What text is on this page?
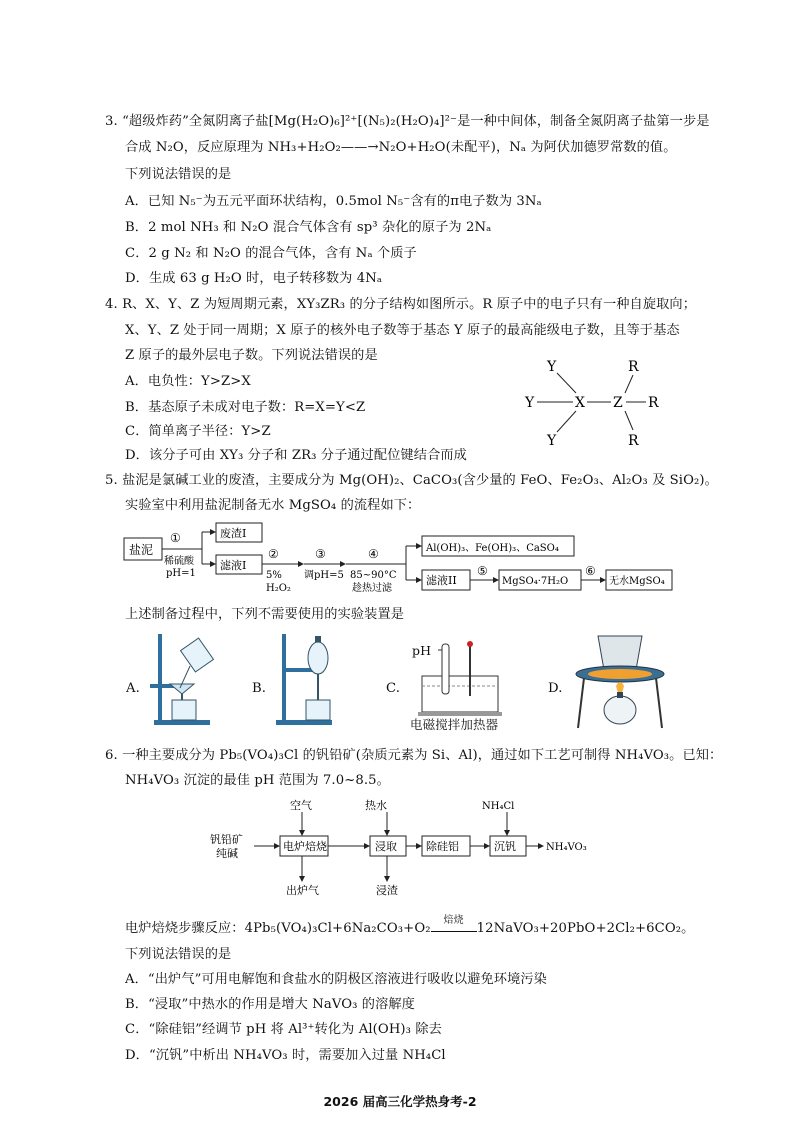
3. “超级炸药”全氮阴离子盐[Mg(H₂O)₆]²⁺[(N₅)₂(H₂O)₄]²⁻是一种中间体，制备全氮阴离子盐第一步是
合成 N₂O，反应原理为 NH₃+H₂O₂——→N₂O+H₂O(未配平)，Nₐ 为阿伏加德罗常数的值。
下列说法错误的是
A．已知 N₅⁻为五元平面环状结构，0.5mol N₅⁻含有的π电子数为 3Nₐ
B．2 mol NH₃ 和 N₂O 混合气体含有 sp³ 杂化的原子为 2Nₐ
C．2 g N₂ 和 N₂O 的混合气体，含有 Nₐ 个质子
D．生成 63 g H₂O 时，电子转移数为 4Nₐ
4. R、X、Y、Z 为短周期元素，XY₃ZR₃ 的分子结构如图所示。R 原子中的电子只有一种自旋取向；
X、Y、Z 处于同一周期；X 原子的核外电子数等于基态 Y 原子的最高能级电子数，且等于基态
Z 原子的最外层电子数。下列说法错误的是
A．电负性：Y>Z>X
B．基态原子未成对电子数：R=X=Y<Z
C．简单离子半径：Y>Z
D．该分子可由 XY₃ 分子和 ZR₃ 分子通过配位键结合而成
X Z
Y
Y
Y
R
R
R
5. 盐泥是氯碱工业的废渣，主要成分为 Mg(OH)₂、CaCO₃(含少量的 FeO、Fe₂O₃、Al₂O₃ 及 SiO₂)。
实验室中利用盐泥制备无水 MgSO₄ 的流程如下：
盐泥
①
稀硫酸
pH=1
废渣I
滤液I
②
5%
H₂O₂
③
调pH=5
④
85~90°C
趁热过滤
Al(OH)₃、Fe(OH)₃、CaSO₄
滤液II
⑤
MgSO₄·7H₂O
⑥
无水MgSO₄
上述制备过程中，下列不需要使用的实验装置是
A.	B.	C.
pH
电磁搅拌加热器
D.
6. 一种主要成分为 Pb₅(VO₄)₃Cl 的钒铅矿(杂质元素为 Si、Al)，通过如下工艺可制得 NH₄VO₃。已知：
NH₄VO₃ 沉淀的最佳 pH 范围为 7.0~8.5。
钒铅矿
纯碱
空气
电炉焙烧
出炉气
热水
浸取
浸渣
除硅铝
NH₄Cl
沉钒	NH₄VO₃
电炉焙烧步骤反应：4Pb₅(VO₄)₃Cl+6Na₂CO₃+O₂
焙烧
12NaVO₃+20PbO+2Cl₂+6CO₂。
下列说法错误的是
A．“出炉气”可用电解饱和食盐水的阴极区溶液进行吸收以避免环境污染
B．“浸取”中热水的作用是增大 NaVO₃ 的溶解度
C．“除硅铝”经调节 pH 将 Al³⁺转化为 Al(OH)₃ 除去
D．“沉钒”中析出 NH₄VO₃ 时，需要加入过量 NH₄Cl
2026 届高三化学热身考-2
